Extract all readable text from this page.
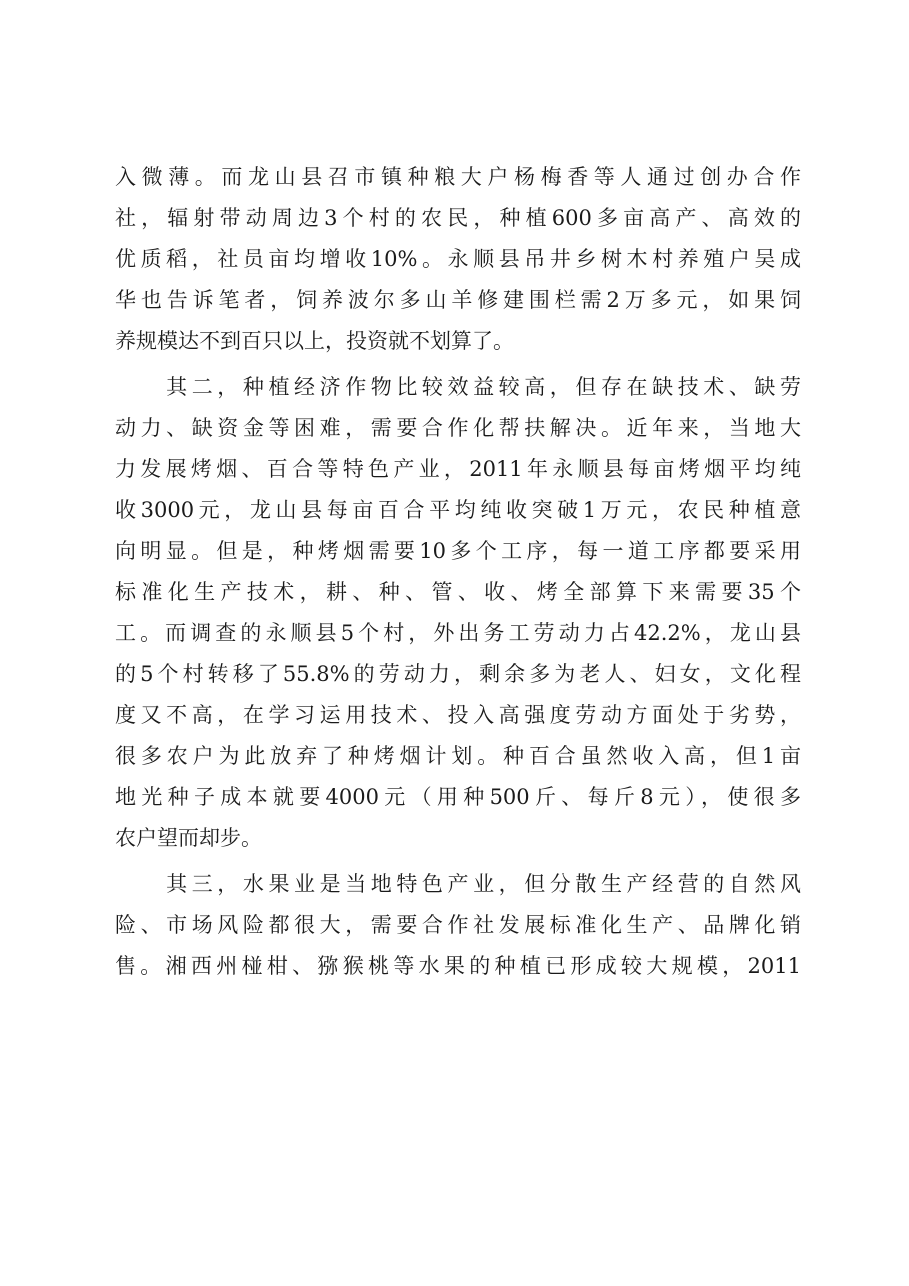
入微薄。而龙山县召市镇种粮大户杨梅香等人通过创办合作
社，辐射带动周边3个村的农民，种植600多亩高产、高效的
优质稻，社员亩均增收10%。永顺县吊井乡树木村养殖户吴成
华也告诉笔者，饲养波尔多山羊修建围栏需2万多元，如果饲
养规模达不到百只以上，投资就不划算了。
　　其二，种植经济作物比较效益较高，但存在缺技术、缺劳
动力、缺资金等困难，需要合作化帮扶解决。近年来，当地大
力发展烤烟、百合等特色产业，2011年永顺县每亩烤烟平均纯
收3000元，龙山县每亩百合平均纯收突破1万元，农民种植意
向明显。但是，种烤烟需要10多个工序，每一道工序都要采用
标准化生产技术，耕、种、管、收、烤全部算下来需要35个
工。而调查的永顺县5个村，外出务工劳动力占42.2%，龙山县
的5个村转移了55.8%的劳动力，剩余多为老人、妇女，文化程
度又不高，在学习运用技术、投入高强度劳动方面处于劣势，
很多农户为此放弃了种烤烟计划。种百合虽然收入高，但1亩
地光种子成本就要4000元（用种500斤、每斤8元），使很多
农户望而却步。
　　其三，水果业是当地特色产业，但分散生产经营的自然风
险、市场风险都很大，需要合作社发展标准化生产、品牌化销
售。湘西州椪柑、猕猴桃等水果的种植已形成较大规模，2011
